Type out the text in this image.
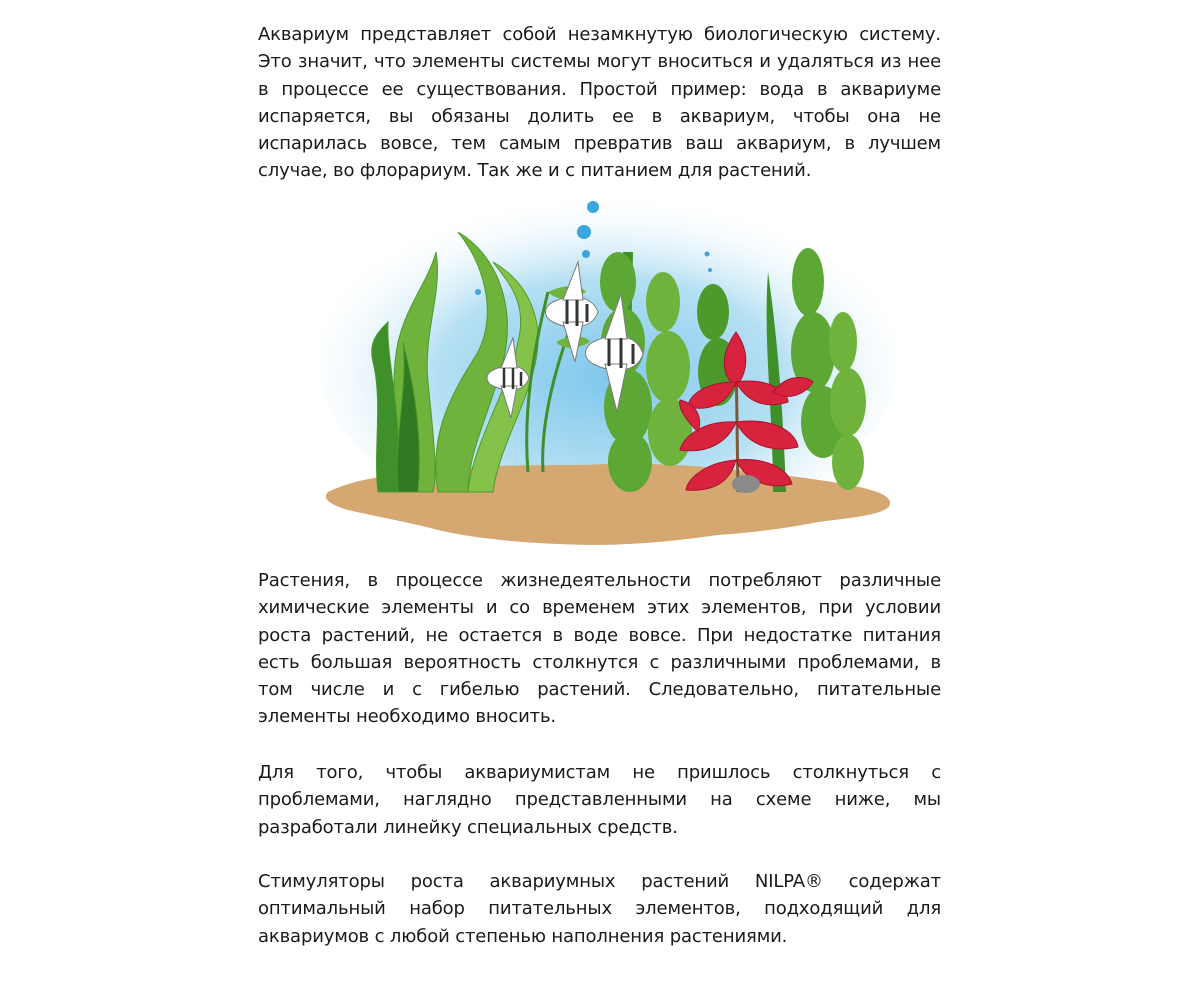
Аквариум представляет собой незамкнутую биологическую систему. Это значит, что элементы системы могут вноситься и удаляться из нее в процессе ее существования. Простой пример: вода в аквариуме испаряется, вы обязаны долить ее в аквариум, чтобы она не испарилась вовсе, тем самым превратив ваш аквариум, в лучшем случае, во флорариум. Так же и с питанием для растений.

Растения, в процессе жизнедеятельности потребляют различные химические элементы и со временем этих элементов, при условии роста растений, не остается в воде вовсе. При недостатке питания есть большая вероятность столкнутся с различными проблемами, в том числе и с гибелью растений. Следовательно, питательные элементы необходимо вносить.

Для того, чтобы аквариумистам не пришлось столкнуться с проблемами, наглядно представленными на схеме ниже, мы разработали линейку специальных средств.

Стимуляторы роста аквариумных растений NILPA® содержат оптимальный набор питательных элементов, подходящий для аквариумов с любой степенью наполнения растениями.
